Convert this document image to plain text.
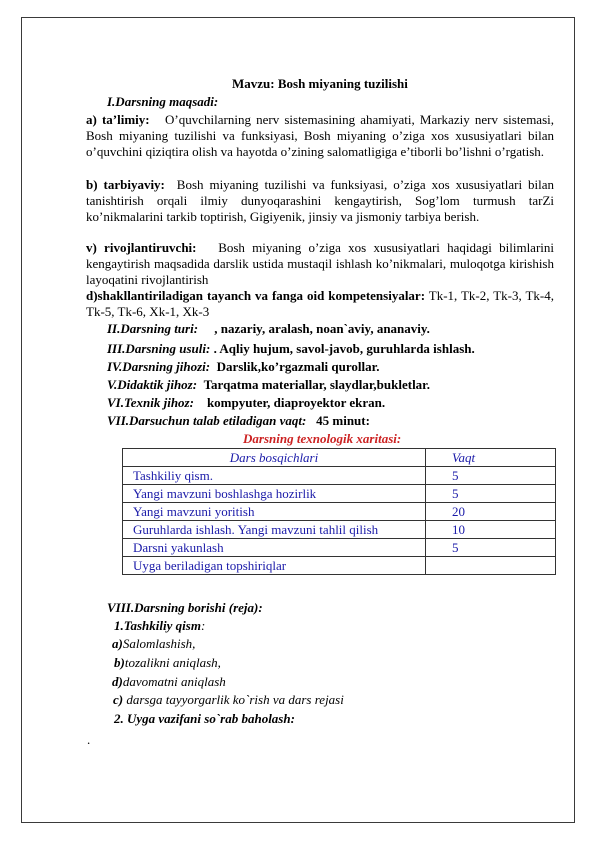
Mavzu: Bosh miyaning tuzilishi
I.Darsning maqsadi:
a) ta’limiy: O’quvchilarning nerv sistemasining ahamiyati, Markaziy nerv sistemasi, Bosh miyaning tuzilishi va funksiyasi, Bosh miyaning o’ziga xos xususiyatlari bilan o’quvchini qiziqtira olish va hayotda o’zining salomatligiga e’tiborli bo’lishni o’rgatish.
b) tarbiyaviy: Bosh miyaning tuzilishi va funksiyasi, o’ziga xos xususiyatlari bilan tanishtirish orqali ilmiy dunyoqarashini kengaytirish, Sog’lom turmush tarZi ko’nikmalarini tarkib toptirish, Gigiyenik, jinsiy va jismoniy tarbiya berish.
v) rivojlantiruvchi: Bosh miyaning o’ziga xos xususiyatlari haqidagi bilimlarini kengaytirish maqsadida darslik ustida mustaqil ishlash ko’nikmalari, muloqotga kirishish layoqatini rivojlantirish
d)shakllantiriladigan tayanch va fanga oid kompetensiyalar: Tk-1, Tk-2, Tk-3, Tk-4, Tk-5, Tk-6, Xk-1, Xk-3
II.Darsning turi: , nazariy, aralash, noan`aviy, ananaviy.
III.Darsning usuli: . Aqliy hujum, savol-javob, guruhlarda ishlash.
IV.Darsning jihozi: Darslik,ko’rgazmali qurollar.
V.Didaktik jihoz: Tarqatma materiallar, slaydlar,bukletlar.
VI.Texnik jihoz: kompyuter, diaproyektor ekran.
VII.Darsuchun talab etiladigan vaqt: 45 minut:
Darsning texnologik xaritasi:
Dars bosqichlari	Vaqt
Tashkiliy qism.	5
Yangi mavzuni boshlashga hozirlik	5
Yangi mavzuni yoritish	20
Guruhlarda ishlash. Yangi mavzuni tahlil qilish	10
Darsni yakunlash	5
Uyga beriladigan topshiriqlar	
VIII.Darsning borishi (reja):
1.Tashkiliy qism:
a)Salomlashish,
b)tozalikni aniqlash,
d)davomatni aniqlash
c) darsga tayyorgarlik ko`rish va dars rejasi
2. Uyga vazifani so`rab baholash:
.
